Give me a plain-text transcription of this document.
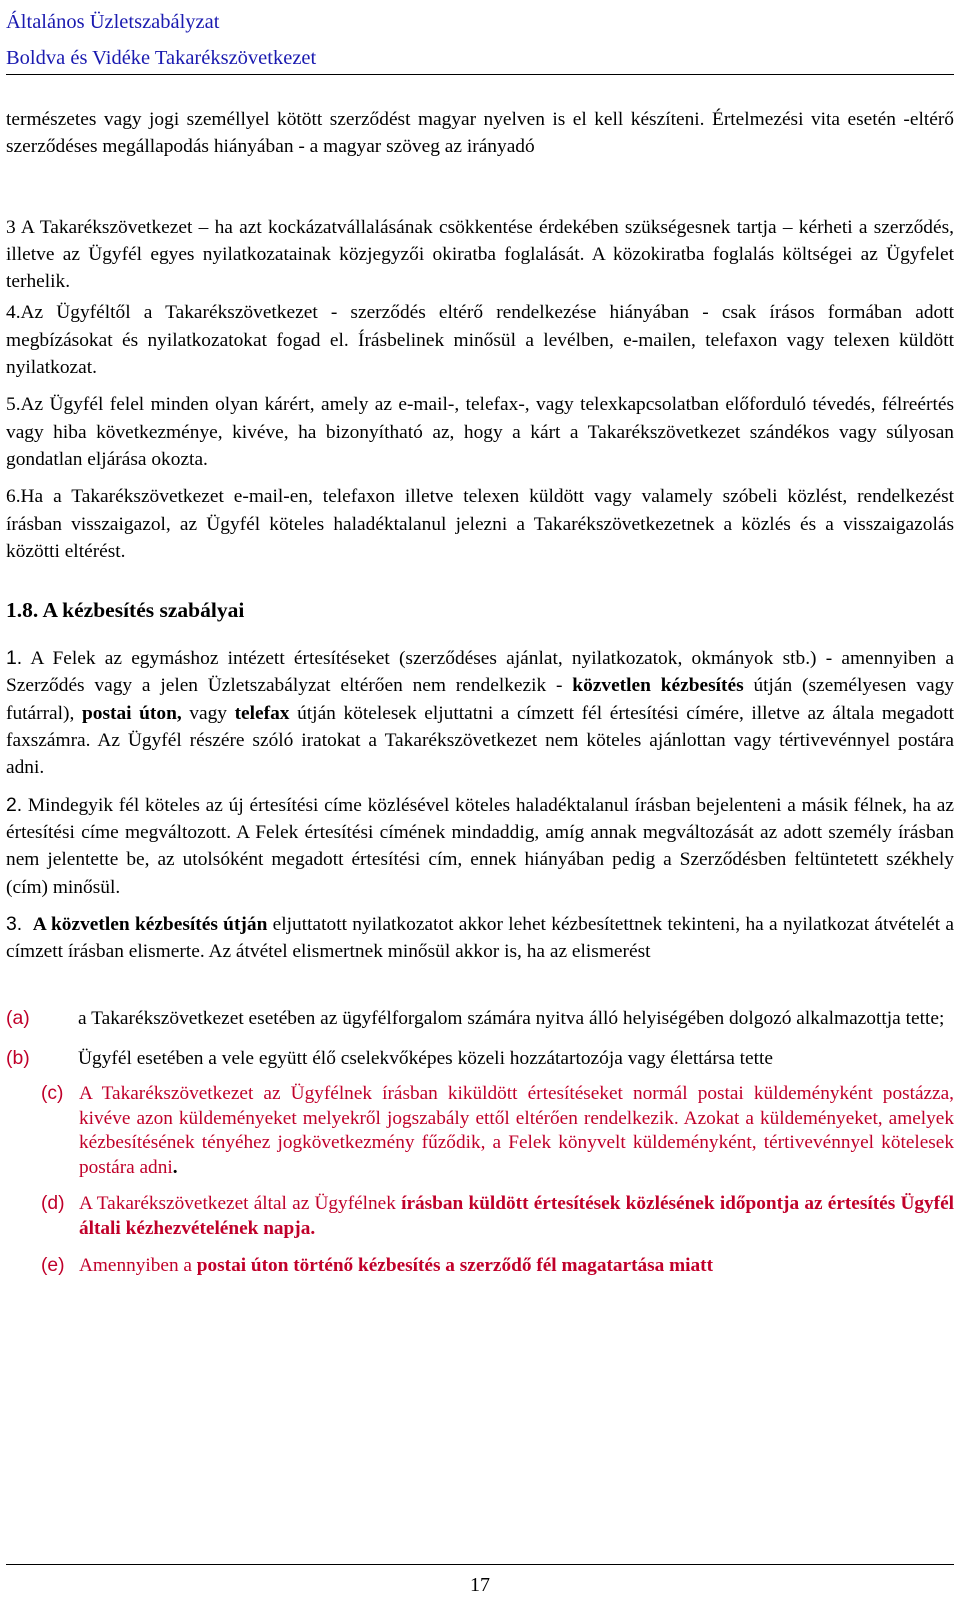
Általános Üzletszabályzat
Boldva és Vidéke Takarékszövetkezet

természetes vagy jogi személlyel kötött szerződést magyar nyelven is el kell készíteni. Értelmezési vita esetén -eltérő szerződéses megállapodás hiányában - a magyar szöveg az irányadó

3 A Takarékszövetkezet – ha azt kockázatvállalásának csökkentése érdekében szükségesnek tartja – kérheti a szerződés, illetve az Ügyfél egyes nyilatkozatainak közjegyzői okiratba foglalását. A közokiratba foglalás költségei az Ügyfelet terhelik.

4.Az Ügyféltől a Takarékszövetkezet - szerződés eltérő rendelkezése hiányában - csak írásos formában adott megbízásokat és nyilatkozatokat fogad el. Írásbelinek minősül a levélben, e-mailen, telefaxon vagy telexen küldött nyilatkozat.

5.Az Ügyfél felel minden olyan kárért, amely az e-mail-, telefax-, vagy telexkapcsolatban előforduló tévedés, félreértés vagy hiba következménye, kivéve, ha bizonyítható az, hogy a kárt a Takarékszövetkezet szándékos vagy súlyosan gondatlan eljárása okozta.

6.Ha a Takarékszövetkezet e-mail-en, telefaxon illetve telexen küldött vagy valamely szóbeli közlést, rendelkezést írásban visszaigazol, az Ügyfél köteles haladéktalanul jelezni a Takarékszövetkezetnek a közlés és a visszaigazolás közötti eltérést.

1.8. A kézbesítés szabályai

1. A Felek az egymáshoz intézett értesítéseket (szerződéses ajánlat, nyilatkozatok, okmányok stb.) - amennyiben a Szerződés vagy a jelen Üzletszabályzat eltérően nem rendelkezik - közvetlen kézbesítés útján (személyesen vagy futárral), postai úton, vagy telefax útján kötelesek eljuttatni a címzett fél értesítési címére, illetve az általa megadott faxszámra. Az Ügyfél részére szóló iratokat a Takarékszövetkezet nem köteles ajánlottan vagy tértivevénnyel postára adni.

2. Mindegyik fél köteles az új értesítési címe közlésével köteles haladéktalanul írásban bejelenteni a másik félnek, ha az értesítési címe megváltozott. A Felek értesítési címének mindaddig, amíg annak megváltozását az adott személy írásban nem jelentette be, az utolsóként megadott értesítési cím, ennek hiányában pedig a Szerződésben feltüntetett székhely (cím) minősül.

3. A közvetlen kézbesítés útján eljuttatott nyilatkozatot akkor lehet kézbesítettnek tekinteni, ha a nyilatkozat átvételét a címzett írásban elismerte. Az átvétel elismertnek minősül akkor is, ha az elismerést

(a) a Takarékszövetkezet esetében az ügyfélforgalom számára nyitva álló helyiségében dolgozó alkalmazottja tette;

(b) Ügyfél esetében a vele együtt élő cselekvőképes közeli hozzátartozója vagy élettársa tette

(c) A Takarékszövetkezet az Ügyfélnek írásban kiküldött értesítéseket normál postai küldeményként postázza, kivéve azon küldeményeket melyekről jogszabály ettől eltérően rendelkezik. Azokat a küldeményeket, amelyek kézbesítésének tényéhez jogkövetkezmény fűződik, a Felek könyvelt küldeményként, tértivevénnyel kötelesek postára adni.

(d) A Takarékszövetkezet által az Ügyfélnek írásban küldött értesítések közlésének időpontja az értesítés Ügyfél általi kézhezvételének napja.

(e) Amennyiben a postai úton történő kézbesítés a szerződő fél magatartása miatt

17
